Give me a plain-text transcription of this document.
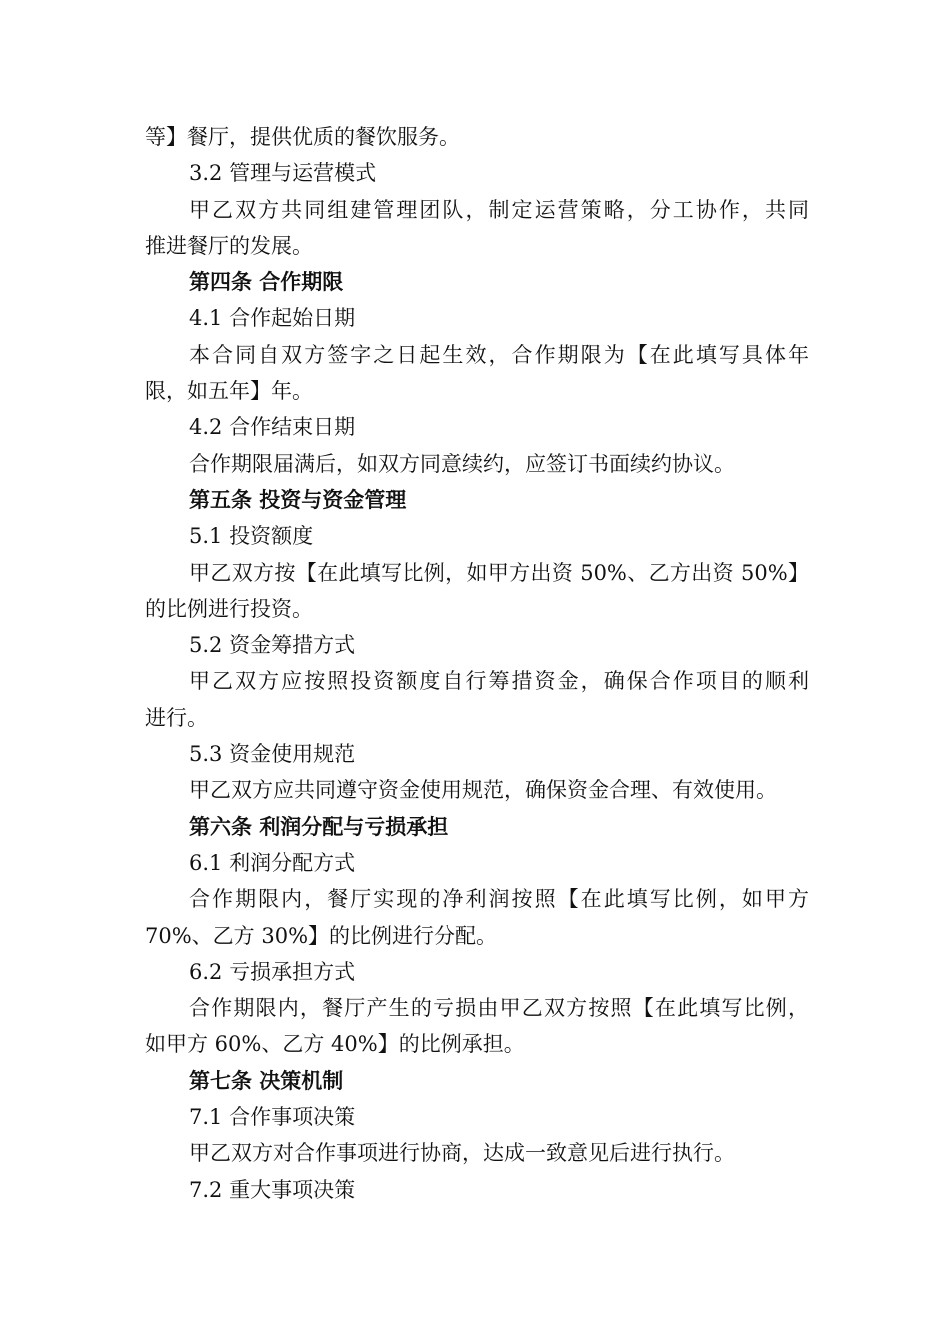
等】餐厅，提供优质的餐饮服务。
3.2 管理与运营模式
甲乙双方共同组建管理团队，制定运营策略，分工协作，共同
推进餐厅的发展。
第四条 合作期限
4.1 合作起始日期
本合同自双方签字之日起生效，合作期限为【在此填写具体年
限，如五年】年。
4.2 合作结束日期
合作期限届满后，如双方同意续约，应签订书面续约协议。
第五条 投资与资金管理
5.1 投资额度
甲乙双方按【在此填写比例，如甲方出资 50%、乙方出资 50%】
的比例进行投资。
5.2 资金筹措方式
甲乙双方应按照投资额度自行筹措资金，确保合作项目的顺利
进行。
5.3 资金使用规范
甲乙双方应共同遵守资金使用规范，确保资金合理、有效使用。
第六条 利润分配与亏损承担
6.1 利润分配方式
合作期限内，餐厅实现的净利润按照【在此填写比例，如甲方
70%、乙方 30%】的比例进行分配。
6.2 亏损承担方式
合作期限内，餐厅产生的亏损由甲乙双方按照【在此填写比例，
如甲方 60%、乙方 40%】的比例承担。
第七条 决策机制
7.1 合作事项决策
甲乙双方对合作事项进行协商，达成一致意见后进行执行。
7.2 重大事项决策
